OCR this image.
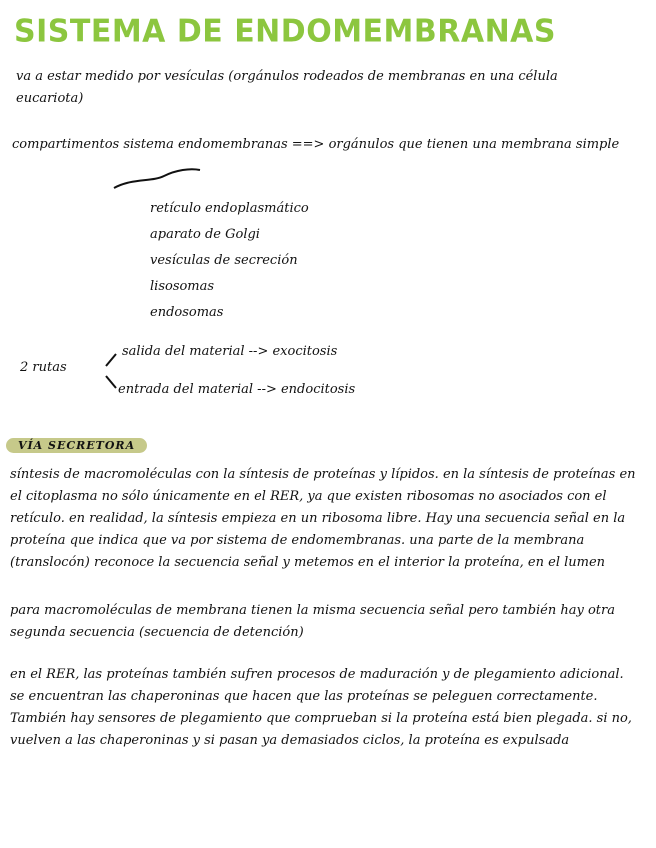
SISTEMA DE ENDOMEMBRANAS

va a estar medido por vesículas (orgánulos rodeados de membranas en una célula eucariota)

compartimentos sistema endomembranas ==> orgánulos que tienen una membrana simple

retículo endoplasmático
aparato de Golgi
vesículas de secreción
lisosomas
endosomas
2 rutas
salida del material --> exocitosis
entrada del material --> endocitosis
VÍA SECRETORA

síntesis de macromoléculas con la síntesis de proteínas y lípidos. en la síntesis de proteínas en el citoplasma no sólo únicamente en el RER, ya que existen ribosomas no asociados con el retículo. en realidad, la síntesis empieza en un ribosoma libre. Hay una secuencia señal en la proteína que indica que va por sistema de endomembranas. una parte de la membrana (translocón) reconoce la secuencia señal y metemos en el interior la proteína, en el lumen

para macromoléculas de membrana tienen la misma secuencia señal pero también hay otra segunda secuencia (secuencia de detención)

en el RER, las proteínas también sufren procesos de maduración y de plegamiento adicional. se encuentran las chaperoninas que hacen que las proteínas se peleguen correctamente. También hay sensores de plegamiento que comprueban si la proteína está bien plegada. si no, vuelven a las chaperoninas y si pasan ya demasiados ciclos, la proteína es expulsada
